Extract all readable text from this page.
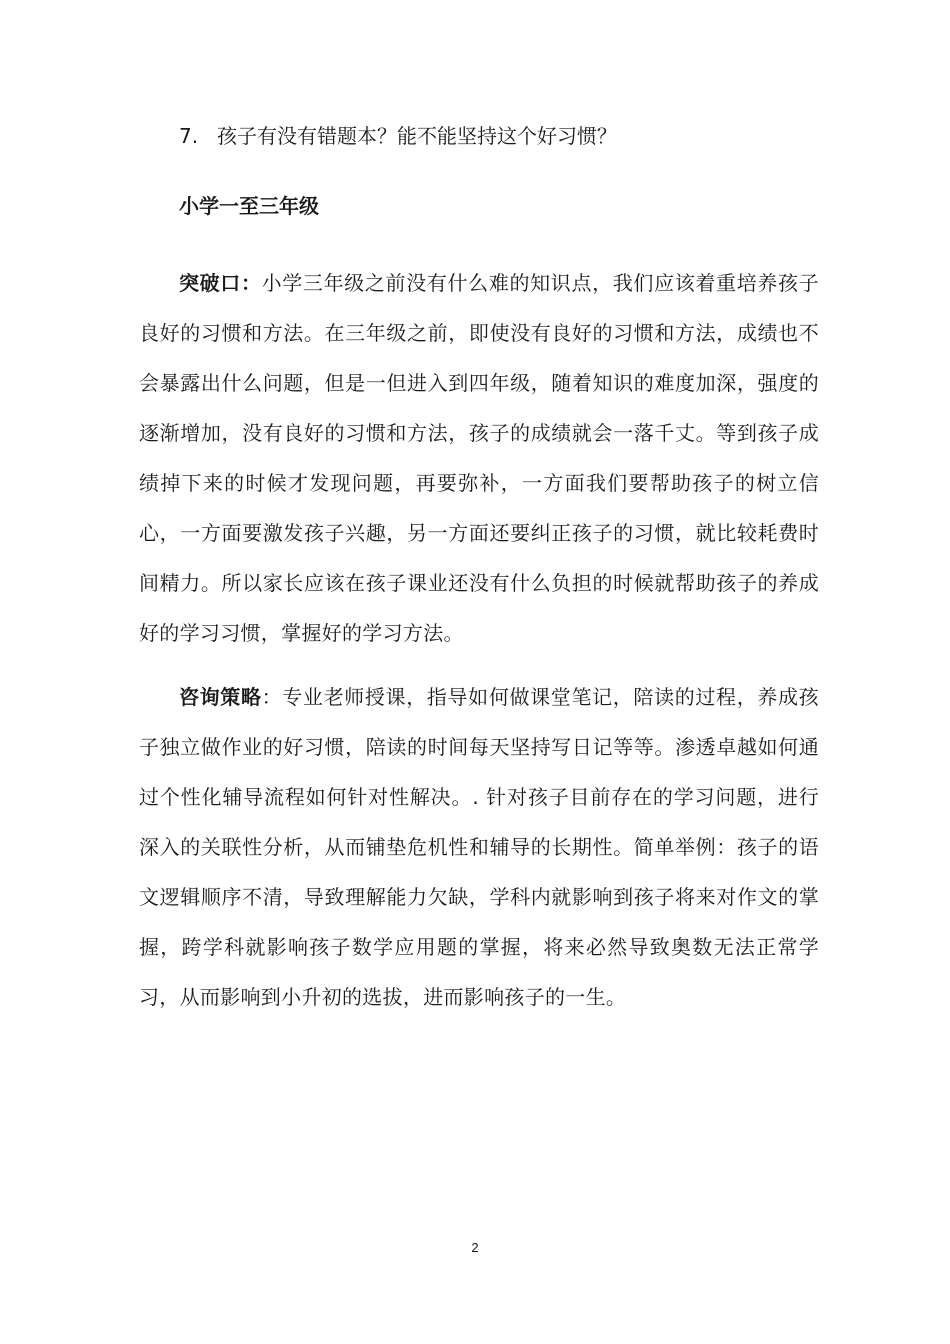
7. 孩子有没有错题本？能不能坚持这个好习惯？

小学一至三年级

突破口：小学三年级之前没有什么难的知识点，我们应该着重培养孩子良好的习惯和方法。在三年级之前，即使没有良好的习惯和方法，成绩也不会暴露出什么问题，但是一但进入到四年级，随着知识的难度加深，强度的逐渐增加，没有良好的习惯和方法，孩子的成绩就会一落千丈。等到孩子成绩掉下来的时候才发现问题，再要弥补，一方面我们要帮助孩子的树立信心，一方面要激发孩子兴趣，另一方面还要纠正孩子的习惯，就比较耗费时间精力。所以家长应该在孩子课业还没有什么负担的时候就帮助孩子的养成好的学习习惯，掌握好的学习方法。

咨询策略：专业老师授课，指导如何做课堂笔记，陪读的过程，养成孩子独立做作业的好习惯，陪读的时间每天坚持写日记等等。渗透卓越如何通过个性化辅导流程如何针对性解决。. 针对孩子目前存在的学习问题，进行深入的关联性分析，从而铺垫危机性和辅导的长期性。简单举例：孩子的语文逻辑顺序不清，导致理解能力欠缺，学科内就影响到孩子将来对作文的掌握，跨学科就影响孩子数学应用题的掌握，将来必然导致奥数无法正常学习，从而影响到小升初的选拔，进而影响孩子的一生。

2
